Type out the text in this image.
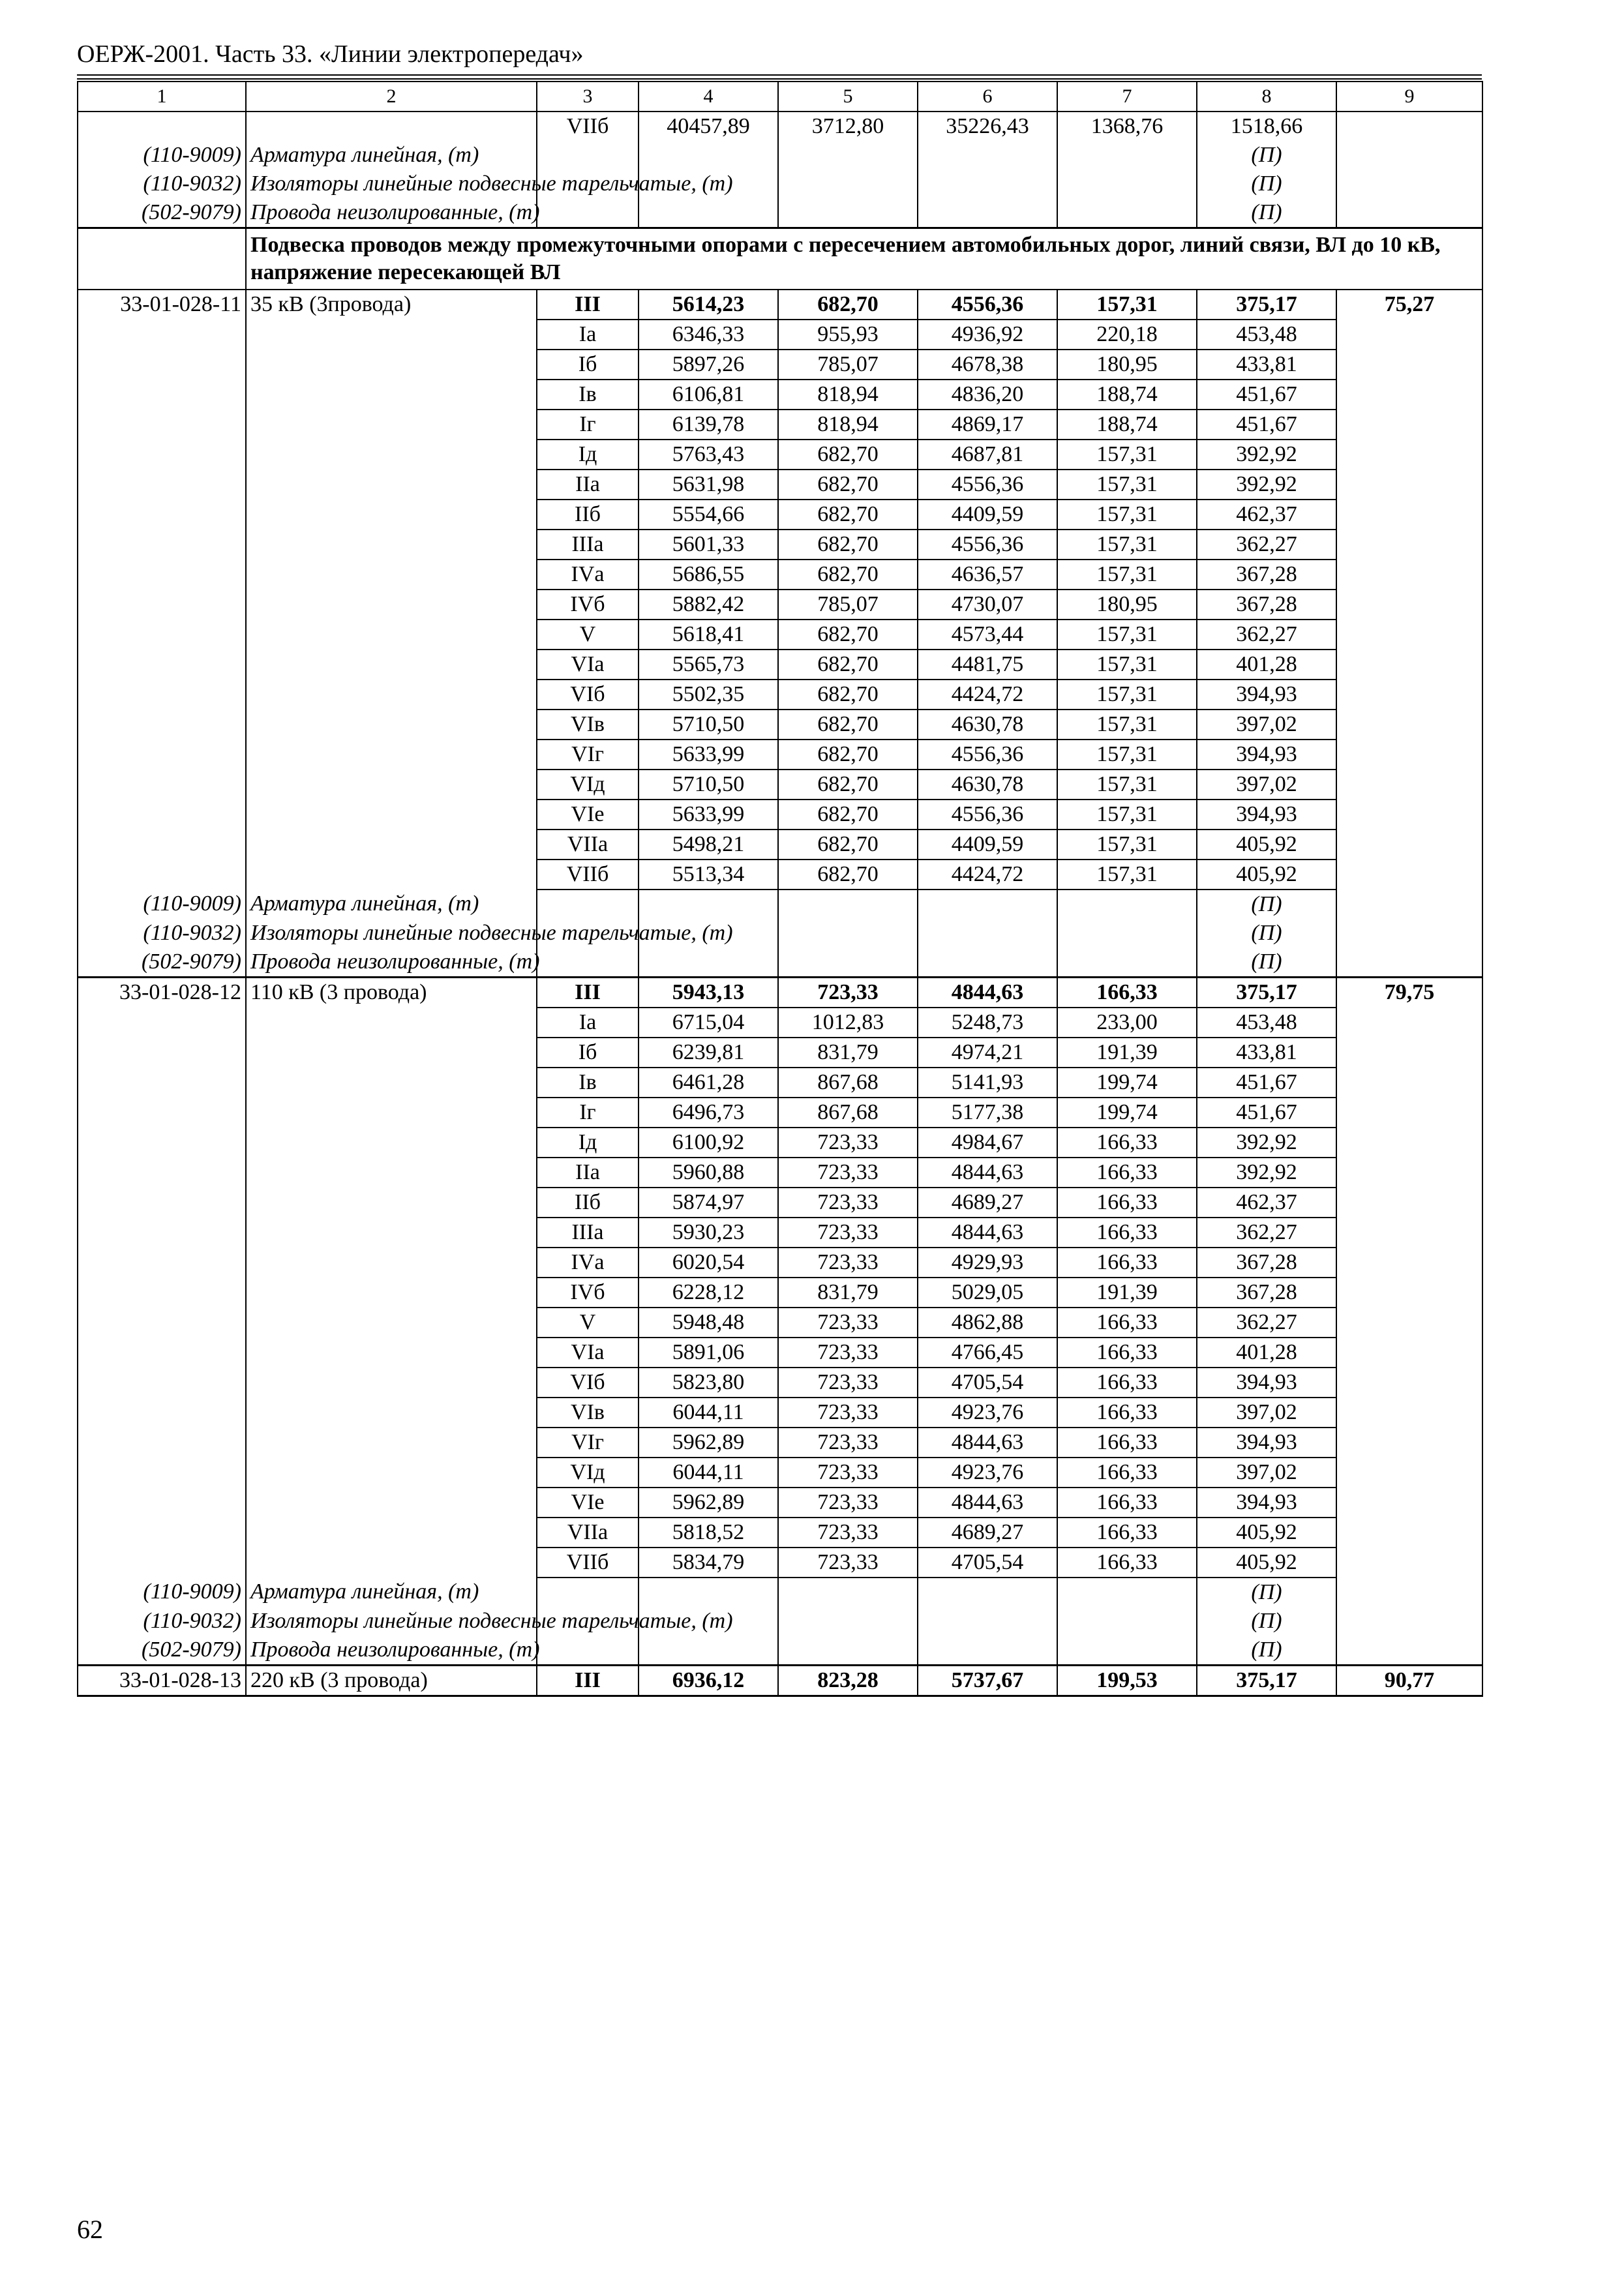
ОЕРЖ-2001. Часть 33. «Линии электропередач»
1	2	3	4	5	6	7	8	9
		VIIб	40457,89	3712,80	35226,43	1368,76	1518,66	
(110-9009)	Арматура линейная, (т)						(П)	
(110-9032)	Изоляторы линейные подвесные тарельчатые, (т)						(П)	
(502-9079)	Провода неизолированные, (т)						(П)	
	Подвеска проводов между промежуточными опорами с пересечением автомобильных дорог, линий связи, ВЛ до 10 кВ, напряжение пересекающей ВЛ							
33-01-028-11	35 кВ (3провода)	III	5614,23	682,70	4556,36	157,31	375,17	75,27
		Iа	6346,33	955,93	4936,92	220,18	453,48	
		Iб	5897,26	785,07	4678,38	180,95	433,81	
		Iв	6106,81	818,94	4836,20	188,74	451,67	
		Iг	6139,78	818,94	4869,17	188,74	451,67	
		Iд	5763,43	682,70	4687,81	157,31	392,92	
		IIа	5631,98	682,70	4556,36	157,31	392,92	
		IIб	5554,66	682,70	4409,59	157,31	462,37	
		IIIа	5601,33	682,70	4556,36	157,31	362,27	
		IVа	5686,55	682,70	4636,57	157,31	367,28	
		IVб	5882,42	785,07	4730,07	180,95	367,28	
		V	5618,41	682,70	4573,44	157,31	362,27	
		VIа	5565,73	682,70	4481,75	157,31	401,28	
		VIб	5502,35	682,70	4424,72	157,31	394,93	
		VIв	5710,50	682,70	4630,78	157,31	397,02	
		VIг	5633,99	682,70	4556,36	157,31	394,93	
		VIд	5710,50	682,70	4630,78	157,31	397,02	
		VIе	5633,99	682,70	4556,36	157,31	394,93	
		VIIа	5498,21	682,70	4409,59	157,31	405,92	
		VIIб	5513,34	682,70	4424,72	157,31	405,92	
(110-9009)	Арматура линейная, (т)						(П)	
(110-9032)	Изоляторы линейные подвесные тарельчатые, (т)						(П)	
(502-9079)	Провода неизолированные, (т)						(П)	
33-01-028-12	110 кВ (3 провода)	III	5943,13	723,33	4844,63	166,33	375,17	79,75
		Iа	6715,04	1012,83	5248,73	233,00	453,48	
		Iб	6239,81	831,79	4974,21	191,39	433,81	
		Iв	6461,28	867,68	5141,93	199,74	451,67	
		Iг	6496,73	867,68	5177,38	199,74	451,67	
		Iд	6100,92	723,33	4984,67	166,33	392,92	
		IIа	5960,88	723,33	4844,63	166,33	392,92	
		IIб	5874,97	723,33	4689,27	166,33	462,37	
		IIIа	5930,23	723,33	4844,63	166,33	362,27	
		IVа	6020,54	723,33	4929,93	166,33	367,28	
		IVб	6228,12	831,79	5029,05	191,39	367,28	
		V	5948,48	723,33	4862,88	166,33	362,27	
		VIа	5891,06	723,33	4766,45	166,33	401,28	
		VIб	5823,80	723,33	4705,54	166,33	394,93	
		VIв	6044,11	723,33	4923,76	166,33	397,02	
		VIг	5962,89	723,33	4844,63	166,33	394,93	
		VIд	6044,11	723,33	4923,76	166,33	397,02	
		VIе	5962,89	723,33	4844,63	166,33	394,93	
		VIIа	5818,52	723,33	4689,27	166,33	405,92	
		VIIб	5834,79	723,33	4705,54	166,33	405,92	
(110-9009)	Арматура линейная, (т)						(П)	
(110-9032)	Изоляторы линейные подвесные тарельчатые, (т)						(П)	
(502-9079)	Провода неизолированные, (т)						(П)	
33-01-028-13	220 кВ (3 провода)	III	6936,12	823,28	5737,67	199,53	375,17	90,77
62
